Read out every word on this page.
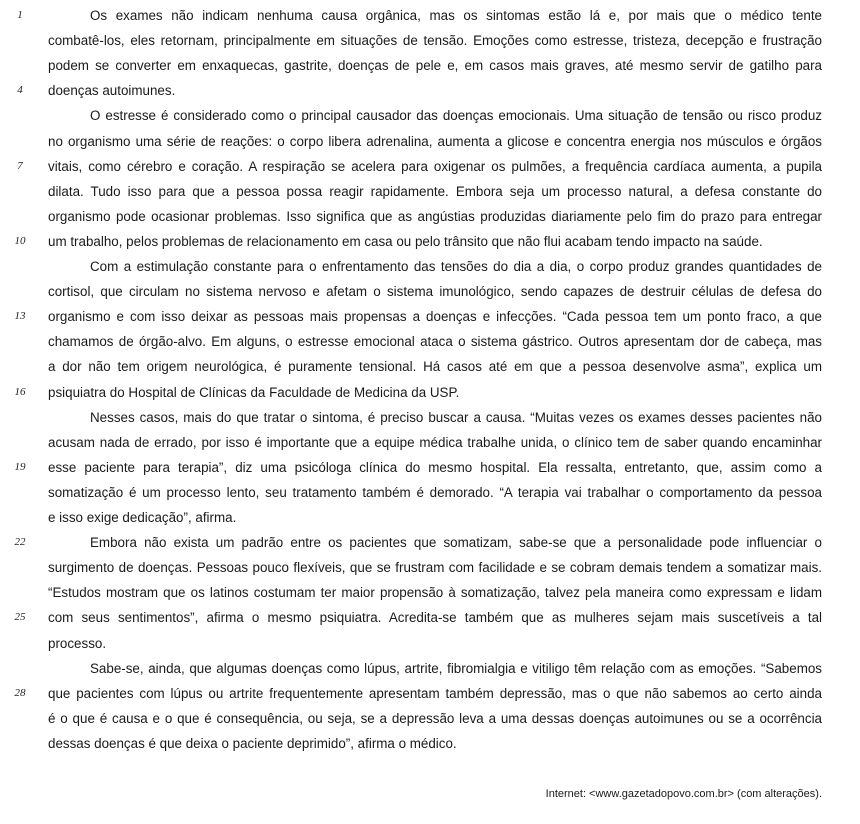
Os exames não indicam nenhuma causa orgânica, mas os sintomas estão lá e, por mais que o médico tente
combatê-los, eles retornam, principalmente em situações de tensão. Emoções como estresse, tristeza, decepção e frustração
podem se converter em enxaquecas, gastrite, doenças de pele e, em casos mais graves, até mesmo servir de gatilho para
doenças autoimunes.
O estresse é considerado como o principal causador das doenças emocionais. Uma situação de tensão ou risco produz
no organismo uma série de reações: o corpo libera adrenalina, aumenta a glicose e concentra energia nos músculos e órgãos
vitais, como cérebro e coração. A respiração se acelera para oxigenar os pulmões, a frequência cardíaca aumenta, a pupila
dilata. Tudo isso para que a pessoa possa reagir rapidamente. Embora seja um processo natural, a defesa constante do
organismo pode ocasionar problemas. Isso significa que as angústias produzidas diariamente pelo fim do prazo para entregar
um trabalho, pelos problemas de relacionamento em casa ou pelo trânsito que não flui acabam tendo impacto na saúde.
Com a estimulação constante para o enfrentamento das tensões do dia a dia, o corpo produz grandes quantidades de
cortisol, que circulam no sistema nervoso e afetam o sistema imunológico, sendo capazes de destruir células de defesa do
organismo e com isso deixar as pessoas mais propensas a doenças e infecções. “Cada pessoa tem um ponto fraco, a que
chamamos de órgão-alvo. Em alguns, o estresse emocional ataca o sistema gástrico. Outros apresentam dor de cabeça, mas
a dor não tem origem neurológica, é puramente tensional. Há casos até em que a pessoa desenvolve asma”, explica um
psiquiatra do Hospital de Clínicas da Faculdade de Medicina da USP.
Nesses casos, mais do que tratar o sintoma, é preciso buscar a causa. “Muitas vezes os exames desses pacientes não
acusam nada de errado, por isso é importante que a equipe médica trabalhe unida, o clínico tem de saber quando encaminhar
esse paciente para terapia”, diz uma psicóloga clínica do mesmo hospital. Ela ressalta, entretanto, que, assim como a
somatização é um processo lento, seu tratamento também é demorado. “A terapia vai trabalhar o comportamento da pessoa
e isso exige dedicação”, afirma.
Embora não exista um padrão entre os pacientes que somatizam, sabe-se que a personalidade pode influenciar o
surgimento de doenças. Pessoas pouco flexíveis, que se frustram com facilidade e se cobram demais tendem a somatizar mais.
“Estudos mostram que os latinos costumam ter maior propensão à somatização, talvez pela maneira como expressam e lidam
com seus sentimentos”, afirma o mesmo psiquiatra. Acredita-se também que as mulheres sejam mais suscetíveis a tal
processo.
Sabe-se, ainda, que algumas doenças como lúpus, artrite, fibromialgia e vitiligo têm relação com as emoções. “Sabemos
que pacientes com lúpus ou artrite frequentemente apresentam também depressão, mas o que não sabemos ao certo ainda
é o que é causa e o que é consequência, ou seja, se a depressão leva a uma dessas doenças autoimunes ou se a ocorrência
dessas doenças é que deixa o paciente deprimido”, afirma o médico.
1
4
7
10
13
16
19
22
25
28
Internet: <www.gazetadopovo.com.br> (com alterações).
